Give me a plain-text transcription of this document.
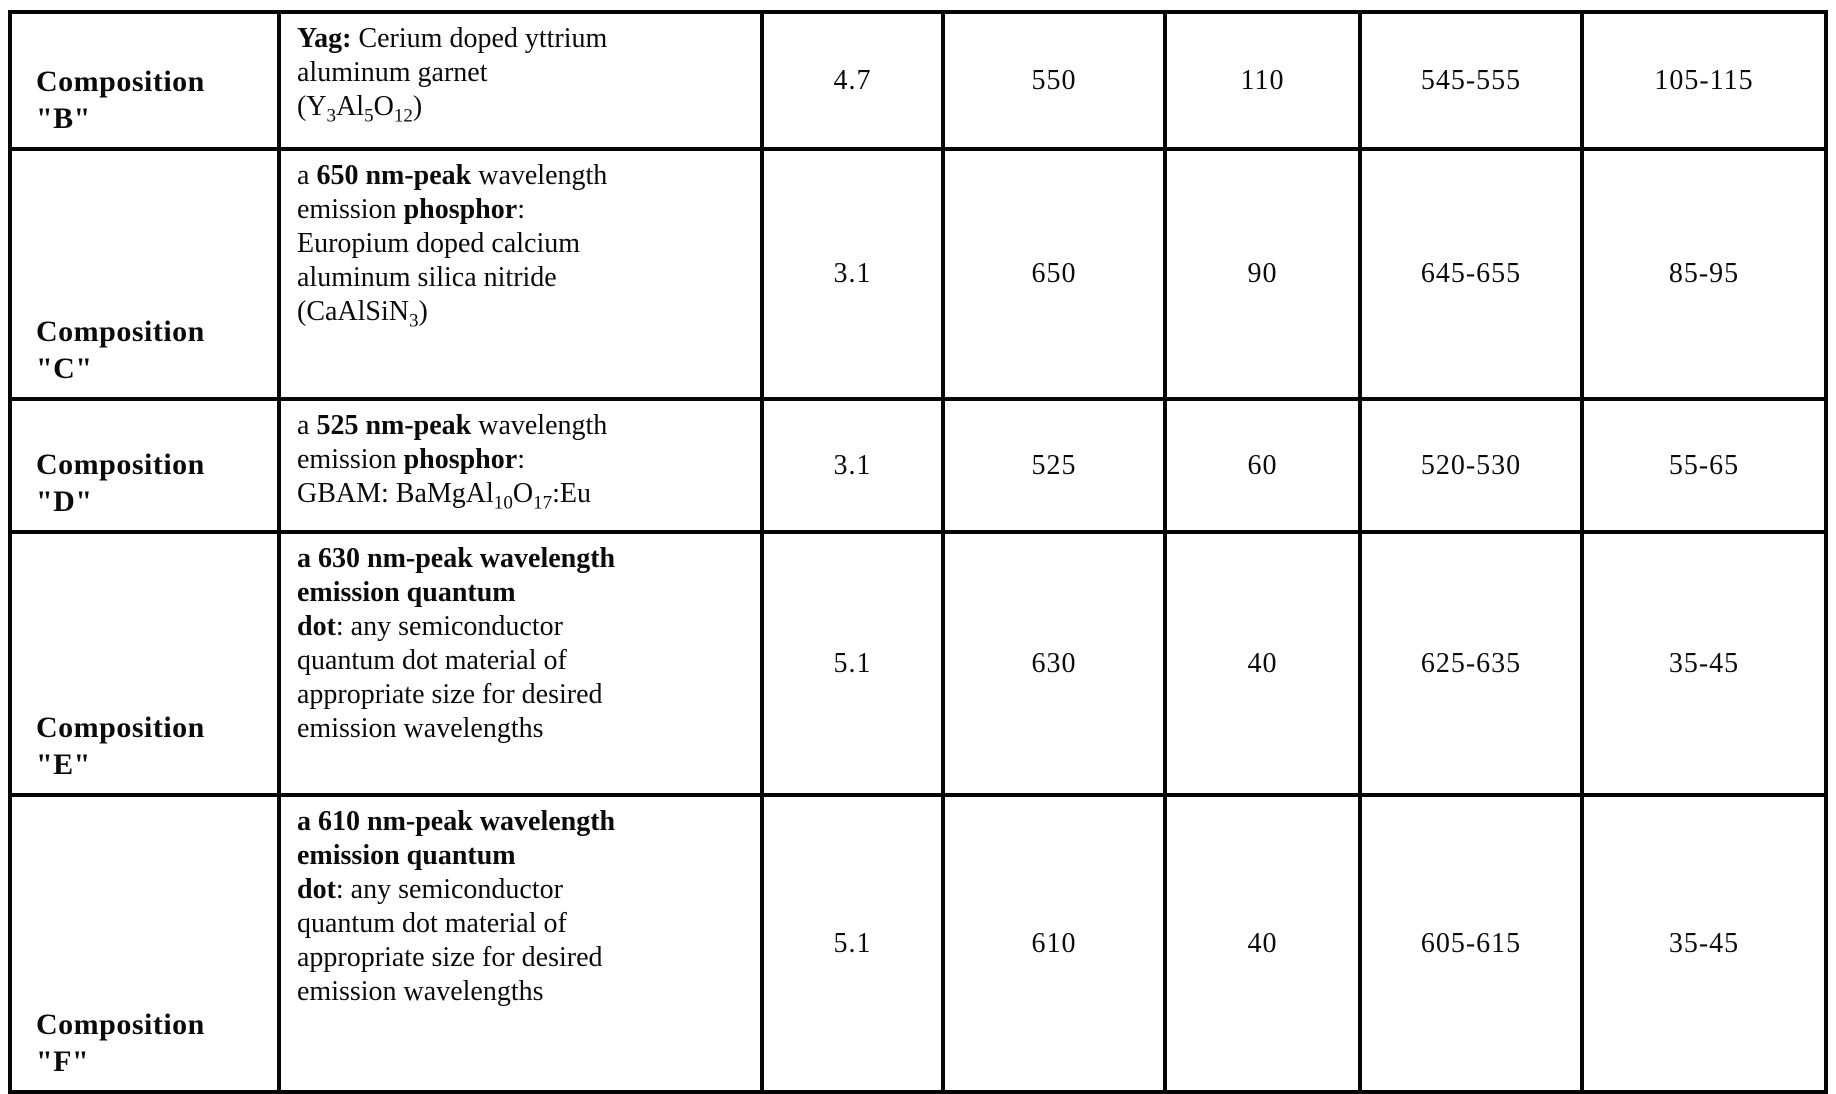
Composition
"B"
	Yag: Cerium doped yttrium
aluminum garnet
$(Y_3Al_5O_{12})$	4.7	550	110	545-555	105-115

Composition
"C"
	a 650 nm-peak wavelength
emission phosphor:
Europium doped calcium
aluminum silica nitride
(CaAlSiN$_3$)	3.1	650	90	645-655	85-95

Composition
"D"
	a 525 nm-peak wavelength
emission phosphor:
GBAM: $BaMgAl_{10}O_{17}:Eu$	3.1	525	60	520-530	55-65

Composition
"E"
	a 630 nm-peak wavelength
emission quantum
dot: any semiconductor
quantum dot material of
appropriate size for desired
emission wavelengths	5.1	630	40	625-635	35-45

Composition
"F"
	a 610 nm-peak wavelength
emission quantum
dot: any semiconductor
quantum dot material of
appropriate size for desired
emission wavelengths	5.1	610	40	605-615	35-45
